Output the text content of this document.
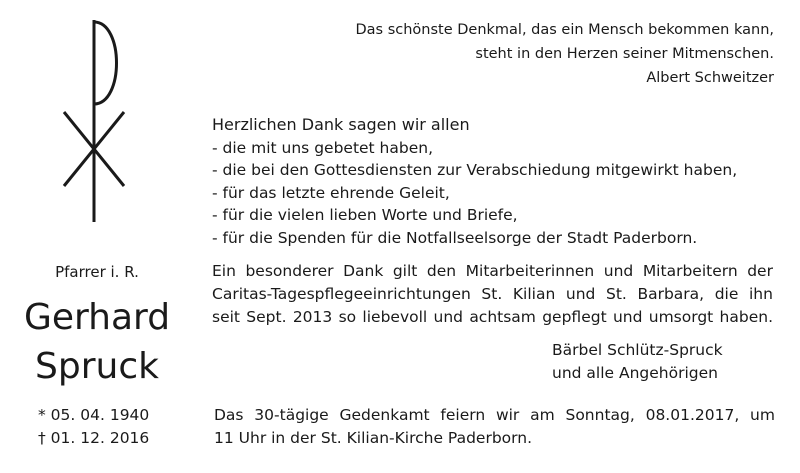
Das schönste Denkmal, das ein Mensch bekommen kann,
steht in den Herzen seiner Mitmenschen.
Albert Schweitzer
Herzlichen Dank sagen wir allen
- die mit uns gebetet haben,
- die bei den Gottesdiensten zur Verabschiedung mitgewirkt haben,
- für das letzte ehrende Geleit,
- für die vielen lieben Worte und Briefe,
- für die Spenden für die Notfallseelsorge der Stadt Paderborn.
Ein besonderer Dank gilt den Mitarbeiterinnen und Mitarbeitern der
Caritas-Tagespflegeeinrichtungen St. Kilian und St. Barbara, die ihn
seit Sept. 2013 so liebevoll und achtsam gepflegt und umsorgt haben.
Bärbel Schlütz-Spruck
und alle Angehörigen
Pfarrer i. R.
Gerhard
Spruck
* 05. 04. 1940
† 01. 12. 2016
Das 30-tägige Gedenkamt feiern wir am Sonntag, 08.01.2017, um
11 Uhr in der St. Kilian-Kirche Paderborn.
